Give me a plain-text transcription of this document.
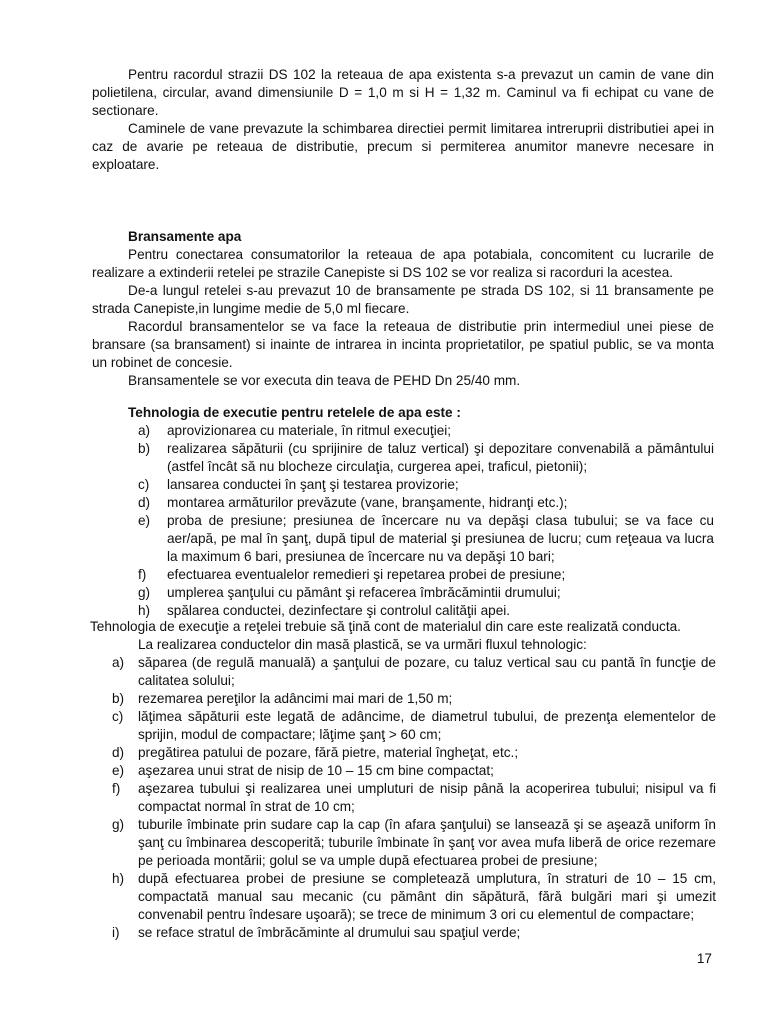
Pentru racordul strazii DS 102 la reteaua de apa existenta s-a prevazut un camin de vane din polietilena, circular, avand dimensiunile D = 1,0 m si H = 1,32 m. Caminul va fi echipat cu vane de sectionare.

Caminele de vane prevazute la schimbarea directiei permit limitarea intreruprii distributiei apei in caz de avarie pe reteaua de distributie, precum si permiterea anumitor manevre necesare in exploatare.

Bransamente apa

Pentru conectarea consumatorilor la reteaua de apa potabiala, concomitent cu lucrarile de realizare a extinderii retelei pe strazile Canepiste si DS 102 se vor realiza si racorduri la acestea.

De-a lungul retelei s-au prevazut 10 de bransamente pe strada DS 102, si 11 bransamente pe strada Canepiste,in lungime medie de 5,0 ml fiecare.

Racordul bransamentelor se va face la reteaua de distributie prin intermediul unei piese de bransare (sa bransament) si inainte de intrarea in incinta proprietatilor, pe spatiul public, se va monta un robinet de concesie.

Bransamentele se vor executa din teava de PEHD Dn 25/40 mm.

Tehnologia de executie pentru retelele de apa este :

a) aprovizionarea cu materiale, în ritmul execuţiei;
b) realizarea săpăturii (cu sprijinire de taluz vertical) şi depozitare convenabilă a pământului (astfel încât să nu blocheze circulaţia, curgerea apei, traficul, pietonii);
c) lansarea conductei în şanţ şi testarea provizorie;
d) montarea armăturilor prevăzute (vane, branşamente, hidranţi etc.);
e) proba de presiune; presiunea de încercare nu va depăşi clasa tubului; se va face cu aer/apă, pe mal în şanţ, după tipul de material şi presiunea de lucru; cum reţeaua va lucra la maximum 6 bari, presiunea de încercare nu va depăşi 10 bari;
f) efectuarea eventualelor remedieri şi repetarea probei de presiune;
g) umplerea şanţului cu pământ şi refacerea îmbrăcămintii drumului;
h) spălarea conductei, dezinfectare şi controlul calităţii apei.

Tehnologia de execuţie a reţelei trebuie să ţină cont de materialul din care este realizată conducta.

La realizarea conductelor din masă plastică, se va urmări fluxul tehnologic:

a) săparea (de regulă manuală) a şanţului de pozare, cu taluz vertical sau cu pantă în funcţie de calitatea solului;
b) rezemarea pereţilor la adâncimi mai mari de 1,50 m;
c) lăţimea săpăturii este legată de adâncime, de diametrul tubului, de prezenţa elementelor de sprijin, modul de compactare; lăţime şanţ > 60 cm;
d) pregătirea patului de pozare, fără pietre, material îngheţat, etc.;
e) aşezarea unui strat de nisip de 10 – 15 cm bine compactat;
f) aşezarea tubului şi realizarea unei umpluturi de nisip până la acoperirea tubului; nisipul va fi compactat normal în strat de 10 cm;
g) tuburile îmbinate prin sudare cap la cap (în afara şanţului) se lansează şi se aşează uniform în şanţ cu îmbinarea descoperită; tuburile îmbinate în şanţ vor avea mufa liberă de orice rezemare pe perioada montării; golul se va umple după efectuarea probei de presiune;
h) după efectuarea probei de presiune se completează umplutura, în straturi de 10 – 15 cm, compactată manual sau mecanic (cu pământ din săpătură, fără bulgări mari şi umezit convenabil pentru îndesare uşoară); se trece de minimum 3 ori cu elementul de compactare;
i) se reface stratul de îmbrăcăminte al drumului sau spaţiul verde;
17
